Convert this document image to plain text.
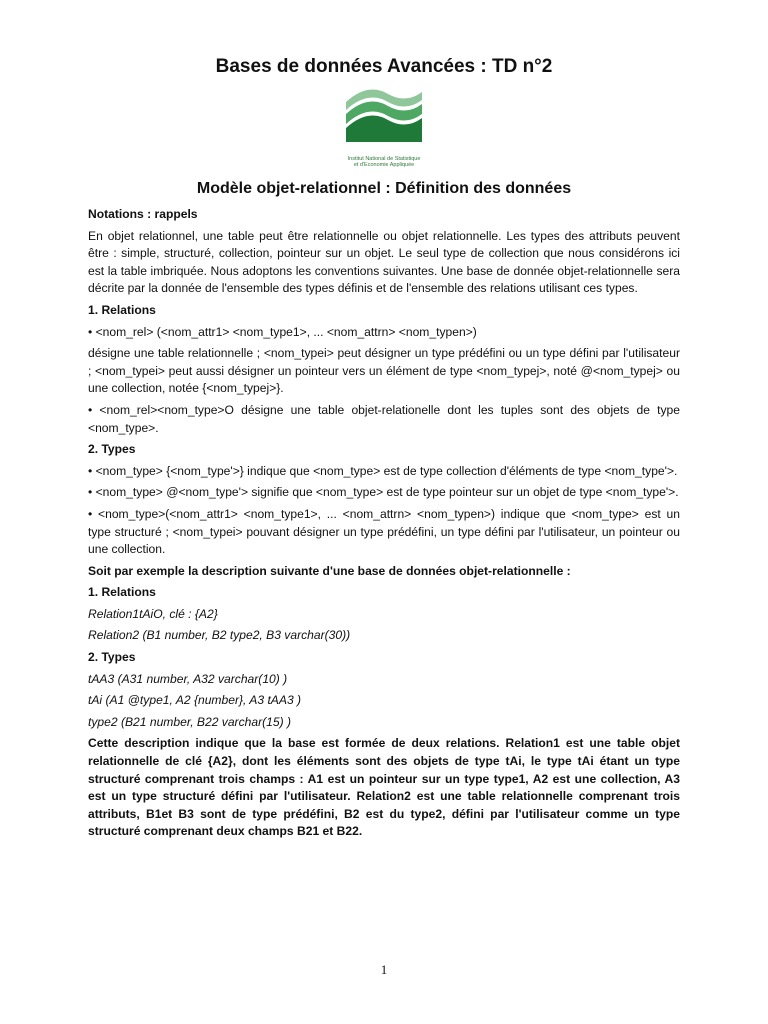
Bases de données Avancées : TD n°2
Institut National de Statistique
et d'Economie Appliquée
Modèle objet-relationnel : Définition des données

Notations : rappels

En objet relationnel, une table peut être relationnelle ou objet relationnelle. Les types des attributs peuvent être : simple, structuré, collection, pointeur sur un objet. Le seul type de collection que nous considérons ici est la table imbriquée. Nous adoptons les conventions suivantes. Une base de donnée objet-relationnelle sera décrite par la donnée de l'ensemble des types définis et de l'ensemble des relations utilisant ces types.

1. Relations

• <nom_rel> (<nom_attr1> <nom_type1>, ... <nom_attrn> <nom_typen>)

désigne une table relationnelle ; <nom_typei> peut désigner un type prédéfini ou un type défini par l'utilisateur ; <nom_typei> peut aussi désigner un pointeur vers un élément de type <nom_typej>, noté @<nom_typej> ou une collection, notée {<nom_typej>}.

• <nom_rel><nom_type>O désigne une table objet-relationelle dont les tuples sont des objets de type <nom_type>.

2. Types

• <nom_type> {<nom_type'>} indique que <nom_type> est de type collection d'éléments de type <nom_type'>.

• <nom_type> @<nom_type'> signifie que <nom_type> est de type pointeur sur un objet de type <nom_type'>.

• <nom_type>(<nom_attr1> <nom_type1>, ... <nom_attrn> <nom_typen>) indique que <nom_type> est un type structuré ; <nom_typei> pouvant désigner un type prédéfini, un type défini par l'utilisateur, un pointeur ou une collection.

Soit par exemple la description suivante d'une base de données objet-relationnelle :

1. Relations

Relation1tAiO, clé : {A2}

Relation2 (B1 number, B2 type2, B3 varchar(30))

2. Types

tAA3 (A31 number, A32 varchar(10) )

tAi (A1 @type1, A2 {number}, A3 tAA3 )

type2 (B21 number, B22 varchar(15) )

Cette description indique que la base est formée de deux relations. Relation1 est une table objet relationnelle de clé {A2}, dont les éléments sont des objets de type tAi, le type tAi étant un type structuré comprenant trois champs : A1 est un pointeur sur un type type1, A2 est une collection, A3 est un type structuré défini par l'utilisateur. Relation2 est une table relationnelle comprenant trois attributs, B1et B3 sont de type prédéfini, B2 est du type2, défini par l'utilisateur comme un type structuré comprenant deux champs B21 et B22.

1
